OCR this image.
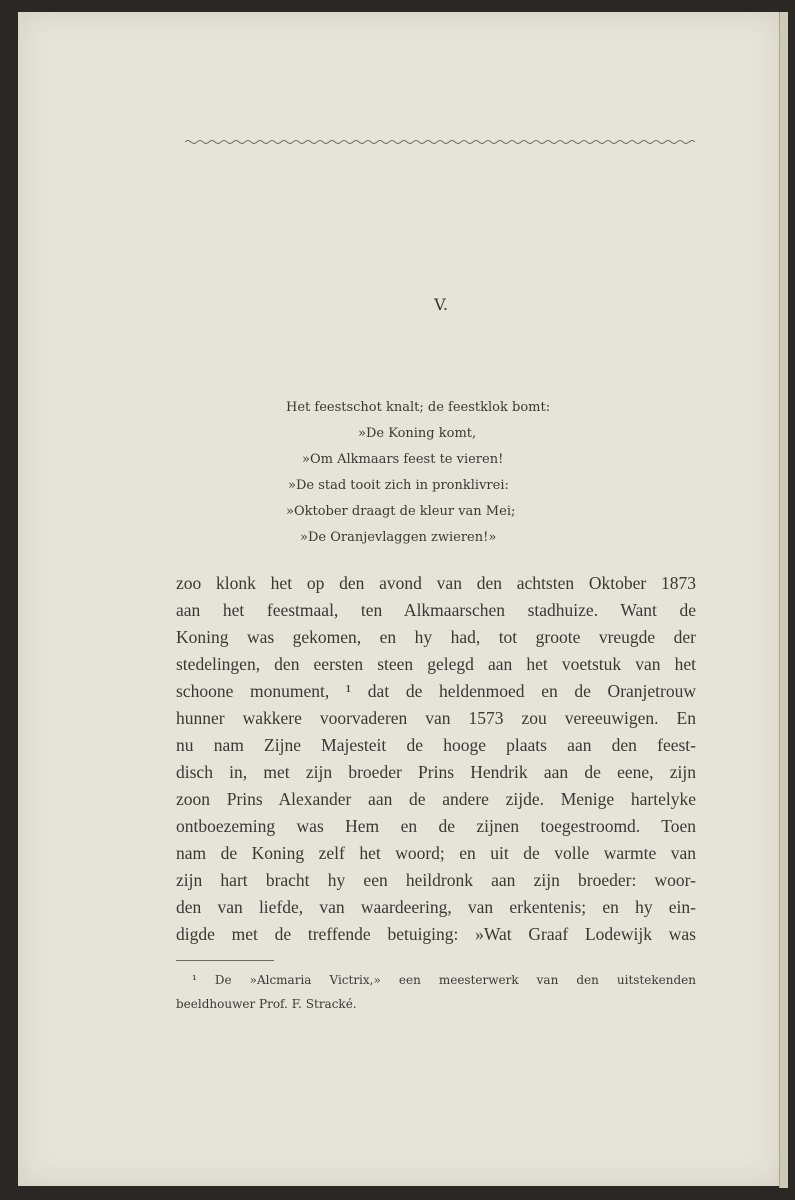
V.
Het feestschot knalt; de feestklok bomt:
»De Koning komt,
»Om Alkmaars feest te vieren!
»De stad tooit zich in pronklivrei:
»Oktober draagt de kleur van Mei;
»De Oranjevlaggen zwieren!»
zoo klonk het op den avond van den achtsten Oktober 1873
aan het feestmaal, ten Alkmaarschen stadhuize. Want de
Koning was gekomen, en hy had, tot groote vreugde der
stedelingen, den eersten steen gelegd aan het voetstuk van het
schoone monument, ¹ dat de heldenmoed en de Oranjetrouw
hunner wakkere voorvaderen van 1573 zou vereeuwigen. En
nu nam Zijne Majesteit de hooge plaats aan den feest-
disch in, met zijn broeder Prins Hendrik aan de eene, zijn
zoon Prins Alexander aan de andere zijde. Menige hartelyke
ontboezeming was Hem en de zijnen toegestroomd. Toen
nam de Koning zelf het woord; en uit de volle warmte van
zijn hart bracht hy een heildronk aan zijn broeder: woor-
den van liefde, van waardeering, van erkentenis; en hy ein-
digde met de treffende betuiging: »Wat Graaf Lodewijk was
¹ De »Alcmaria Victrix,» een meesterwerk van den uitstekenden
beeldhouwer Prof. F. Stracké.
